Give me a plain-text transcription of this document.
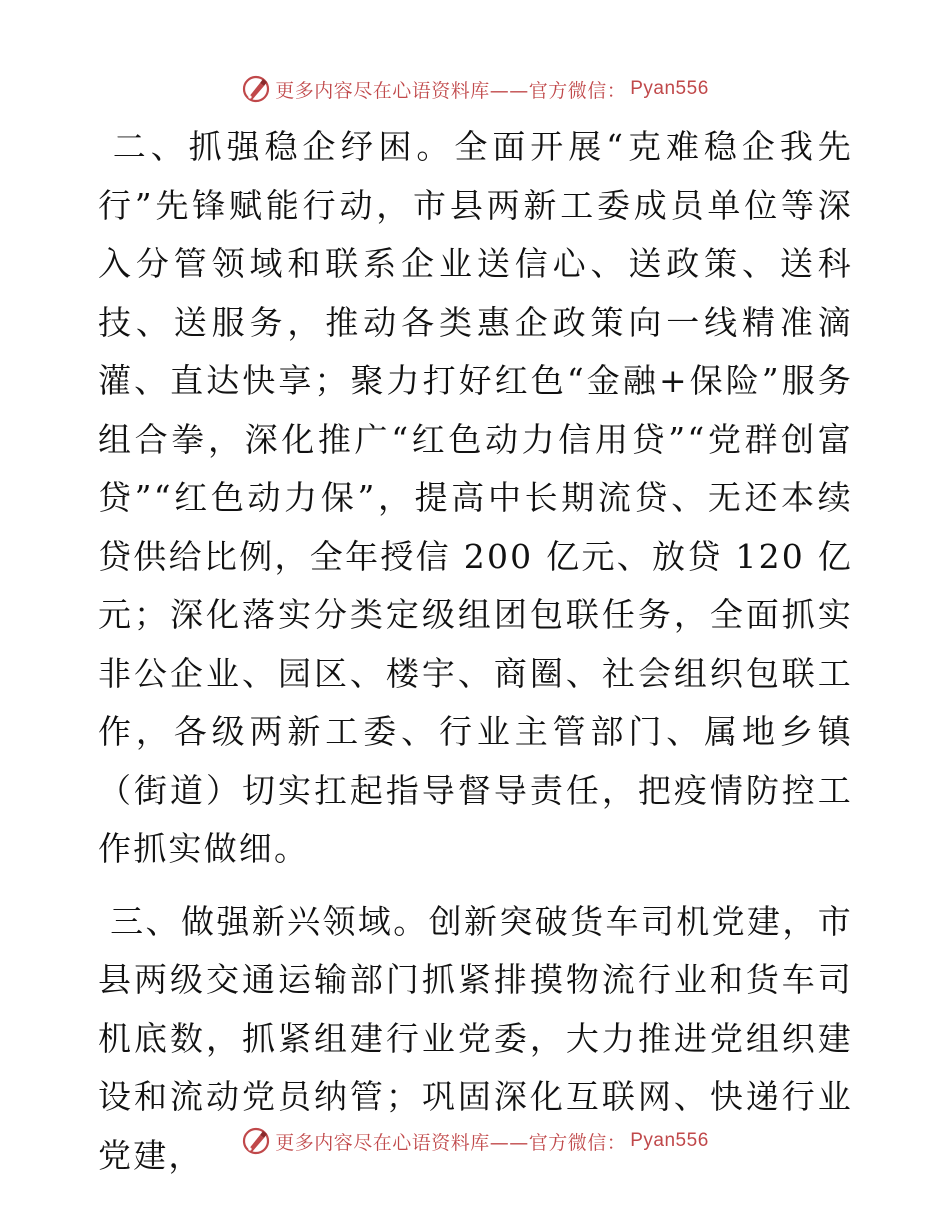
更多内容尽在心语资料库——官方微信： Pyan556

二、抓强稳企纾困。全面开展“克难稳企我先行”先锋赋能行动，市县两新工委成员单位等深入分管领域和联系企业送信心、送政策、送科技、送服务，推动各类惠企政策向一线精准滴灌、直达快享；聚力打好红色“金融+保险”服务组合拳，深化推广“红色动力信用贷”“党群创富贷”“红色动力保”，提高中长期流贷、无还本续贷供给比例，全年授信 200 亿元、放贷 120 亿元；深化落实分类定级组团包联任务，全面抓实非公企业、园区、楼宇、商圈、社会组织包联工作，各级两新工委、行业主管部门、属地乡镇（街道）切实扛起指导督导责任，把疫情防控工作抓实做细。

三、做强新兴领域。创新突破货车司机党建，市县两级交通运输部门抓紧排摸物流行业和货车司机底数，抓紧组建行业党委，大力推进党组织建设和流动党员纳管；巩固深化互联网、快递行业党建，	更多内容尽在心语资料库——官方微信： Pyan556
